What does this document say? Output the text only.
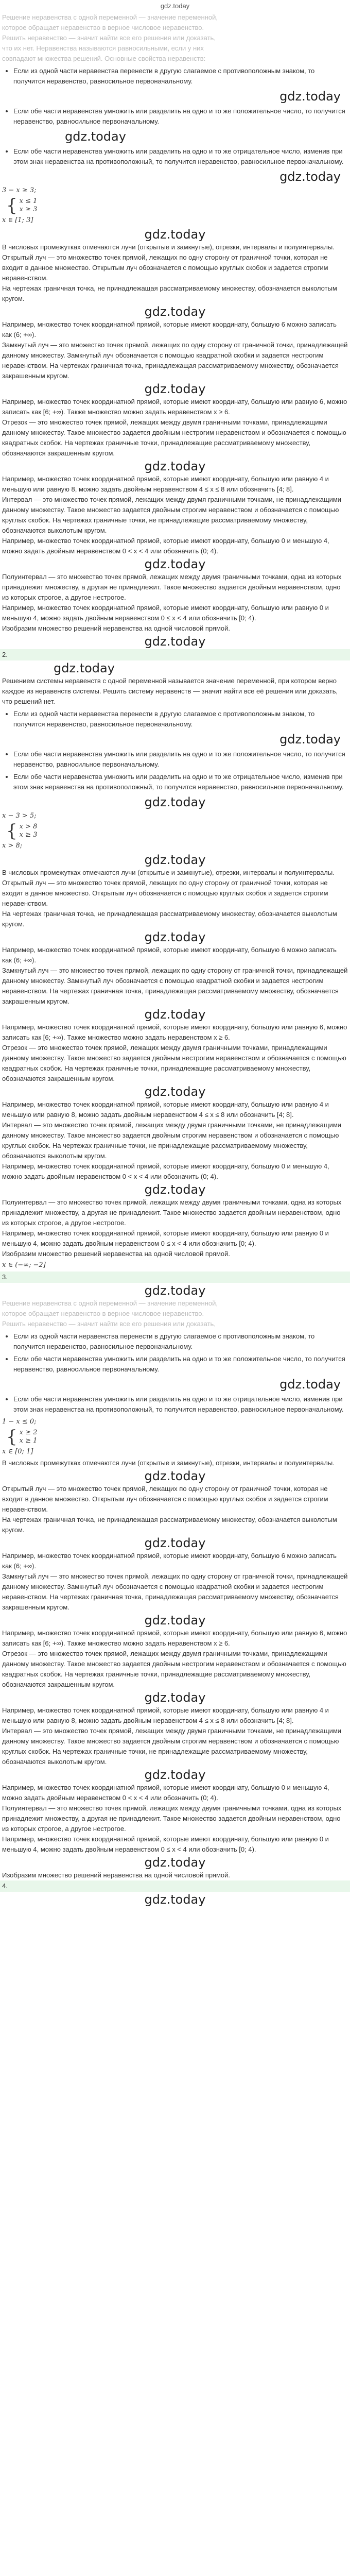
gdz.today

Решение неравенства с одной переменной — значение переменной,

которое обращает неравенство в верное числовое неравенство.

Решить неравенство — значит найти все его решения или доказать,

что их нет. Неравенства называются равносильными, если у них

совпадают множества решений. Основные свойства неравенств:

• Если из одной части неравенства перенести в другую слагаемое с противоположным знаком, то получится неравенство, равносильное первоначальному.
gdz.today
• Если обе части неравенства умножить или разделить на одно и то же положительное число, то получится неравенство, равносильное первоначальному.
gdz.today
• Если обе части неравенства умножить или разделить на одно и то же отрицательное число, изменив при этом знак неравенства на противоположный, то получится неравенство, равносильное первоначальному.
gdz.today

3 − x ≥ 3;

{ x ≤ 1
x ≥ 3

x ∈ [1; 3]

gdz.today

В числовых промежутках отмечаются лучи (открытые и замкнутые), отрезки, интервалы и полуинтервалы.

Открытый луч — это множество точек прямой, лежащих по одну сторону от граничной точки, которая не входит в данное множество. Открытым луч обозначается с помощью круглых скобок и задается строгим неравенством.

На чертежах граничная точка, не принадлежащая рассматриваемому множеству, обозначается выколотым кругом.

gdz.today

Например, множество точек координатной прямой, которые имеют координату, большую 6 можно записать как (6; +∞).

Замкнутый луч — это множество точек прямой, лежащих по одну сторону от граничной точки, принадлежащей данному множеству. Замкнутый луч обозначается с помощью квадратной скобки и задается нестрогим неравенством. На чертежах граничная точка, принадлежащая рассматриваемому множеству, обозначается закрашенным кругом.

gdz.today

Например, множество точек координатной прямой, которые имеют координату, большую или равную 6, можно записать как [6; +∞). Также множество можно задать неравенством x ≥ 6.

Отрезок — это множество точек прямой, лежащих между двумя граничными точками, принадлежащими данному множеству. Такое множество задается двойным нестрогим неравенством и обозначается с помощью квадратных скобок. На чертежах граничные точки, принадлежащие рассматриваемому множеству, обозначаются закрашенным кругом.

gdz.today

Например, множество точек координатной прямой, которые имеют координату, большую или равную 4 и меньшую или равную 8, можно задать двойным неравенством 4 ≤ x ≤ 8 или обозначить [4; 8].

Интервал — это множество точек прямой, лежащих между двумя граничными точками, не принадлежащими данному множеству. Такое множество задается двойным строгим неравенством и обозначается с помощью круглых скобок. На чертежах граничные точки, не принадлежащие рассматриваемому множеству, обозначаются выколотым кругом.

Например, множество точек координатной прямой, которые имеют координату, большую 0 и меньшую 4, можно задать двойным неравенством 0 < x < 4 или обозначить (0; 4).

gdz.today

Полуинтервал — это множество точек прямой, лежащих между двумя граничными точками, одна из которых принадлежит множеству, а другая не принадлежит. Такое множество задается двойным неравенством, одно из которых строгое, а другое нестрогое.

Например, множество точек координатной прямой, которые имеют координату, большую или равную 0 и меньшую 4, можно задать двойным неравенством 0 ≤ x < 4 или обозначить [0; 4).

Изобразим множество решений неравенства на одной числовой прямой.

gdz.today
2.
gdz.today

Решением системы неравенств с одной переменной называется значение переменной, при котором верно каждое из неравенств системы. Решить систему неравенств — значит найти все её решения или доказать, что решений нет.

• Если из одной части неравенства перенести в другую слагаемое с противоположным знаком, то получится неравенство, равносильное первоначальному.
gdz.today
• Если обе части неравенства умножить или разделить на одно и то же положительное число, то получится неравенство, равносильное первоначальному.
• Если обе части неравенства умножить или разделить на одно и то же отрицательное число, изменив при этом знак неравенства на противоположный, то получится неравенство, равносильное первоначальному.
gdz.today

x − 3 > 5;

{ x > 8
x ≥ 3

x > 8;

gdz.today

В числовых промежутках отмечаются лучи (открытые и замкнутые), отрезки, интервалы и полуинтервалы.

Открытый луч — это множество точек прямой, лежащих по одну сторону от граничной точки, которая не входит в данное множество. Открытым луч обозначается с помощью круглых скобок и задается строгим неравенством.

На чертежах граничная точка, не принадлежащая рассматриваемому множеству, обозначается выколотым кругом.

gdz.today

Например, множество точек координатной прямой, которые имеют координату, большую 6 можно записать как (6; +∞).

Замкнутый луч — это множество точек прямой, лежащих по одну сторону от граничной точки, принадлежащей данному множеству. Замкнутый луч обозначается с помощью квадратной скобки и задается нестрогим неравенством. На чертежах граничная точка, принадлежащая рассматриваемому множеству, обозначается закрашенным кругом.

gdz.today

Например, множество точек координатной прямой, которые имеют координату, большую или равную 6, можно записать как [6; +∞). Также множество можно задать неравенством x ≥ 6.

Отрезок — это множество точек прямой, лежащих между двумя граничными точками, принадлежащими данному множеству. Такое множество задается двойным нестрогим неравенством и обозначается с помощью квадратных скобок. На чертежах граничные точки, принадлежащие рассматриваемому множеству, обозначаются закрашенным кругом.

gdz.today

Например, множество точек координатной прямой, которые имеют координату, большую или равную 4 и меньшую или равную 8, можно задать двойным неравенством 4 ≤ x ≤ 8 или обозначить [4; 8].

Интервал — это множество точек прямой, лежащих между двумя граничными точками, не принадлежащими данному множеству. Такое множество задается двойным строгим неравенством и обозначается с помощью круглых скобок. На чертежах граничные точки, не принадлежащие рассматриваемому множеству, обозначаются выколотым кругом.

Например, множество точек координатной прямой, которые имеют координату, большую 0 и меньшую 4, можно задать двойным неравенством 0 < x < 4 или обозначить (0; 4).

gdz.today

Полуинтервал — это множество точек прямой, лежащих между двумя граничными точками, одна из которых принадлежит множеству, а другая не принадлежит. Такое множество задается двойным неравенством, одно из которых строгое, а другое нестрогое.

Например, множество точек координатной прямой, которые имеют координату, большую или равную 0 и меньшую 4, можно задать двойным неравенством 0 ≤ x < 4 или обозначить [0; 4).

Изобразим множество решений неравенства на одной числовой прямой.

x ∈ (−∞; −2]

3.
gdz.today

Решение неравенства с одной переменной — значение переменной,

которое обращает неравенство в верное числовое неравенство.

Решить неравенство — значит найти все его решения или доказать,

• Если из одной части неравенства перенести в другую слагаемое с противоположным знаком, то получится неравенство, равносильное первоначальному.
• Если обе части неравенства умножить или разделить на одно и то же положительное число, то получится неравенство, равносильное первоначальному.
gdz.today
• Если обе части неравенства умножить или разделить на одно и то же отрицательное число, изменив при этом знак неравенства на противоположный, то получится неравенство, равносильное первоначальному.

1 − x ≤ 0;

{ x ≥ 2
x ≥ 1

x ∈ [0; 1]

В числовых промежутках отмечаются лучи (открытые и замкнутые), отрезки, интервалы и полуинтервалы.

gdz.today

Открытый луч — это множество точек прямой, лежащих по одну сторону от граничной точки, которая не входит в данное множество. Открытым луч обозначается с помощью круглых скобок и задается строгим неравенством.

На чертежах граничная точка, не принадлежащая рассматриваемому множеству, обозначается выколотым кругом.

gdz.today

Например, множество точек координатной прямой, которые имеют координату, большую 6 можно записать как (6; +∞).

Замкнутый луч — это множество точек прямой, лежащих по одну сторону от граничной точки, принадлежащей данному множеству. Замкнутый луч обозначается с помощью квадратной скобки и задается нестрогим неравенством. На чертежах граничная точка, принадлежащая рассматриваемому множеству, обозначается закрашенным кругом.

gdz.today

Например, множество точек координатной прямой, которые имеют координату, большую или равную 6, можно записать как [6; +∞). Также множество можно задать неравенством x ≥ 6.

Отрезок — это множество точек прямой, лежащих между двумя граничными точками, принадлежащими данному множеству. Такое множество задается двойным нестрогим неравенством и обозначается с помощью квадратных скобок. На чертежах граничные точки, принадлежащие рассматриваемому множеству, обозначаются закрашенным кругом.

gdz.today

Например, множество точек координатной прямой, которые имеют координату, большую или равную 4 и меньшую или равную 8, можно задать двойным неравенством 4 ≤ x ≤ 8 или обозначить [4; 8].

Интервал — это множество точек прямой, лежащих между двумя граничными точками, не принадлежащими данному множеству. Такое множество задается двойным строгим неравенством и обозначается с помощью круглых скобок. На чертежах граничные точки, не принадлежащие рассматриваемому множеству, обозначаются выколотым кругом.

gdz.today

Например, множество точек координатной прямой, которые имеют координату, большую 0 и меньшую 4, можно задать двойным неравенством 0 < x < 4 или обозначить (0; 4).

Полуинтервал — это множество точек прямой, лежащих между двумя граничными точками, одна из которых принадлежит множеству, а другая не принадлежит. Такое множество задается двойным неравенством, одно из которых строгое, а другое нестрогое.

Например, множество точек координатной прямой, которые имеют координату, большую или равную 0 и меньшую 4, можно задать двойным неравенством 0 ≤ x < 4 или обозначить [0; 4).

gdz.today

Изобразим множество решений неравенства на одной числовой прямой.

4.
gdz.today
